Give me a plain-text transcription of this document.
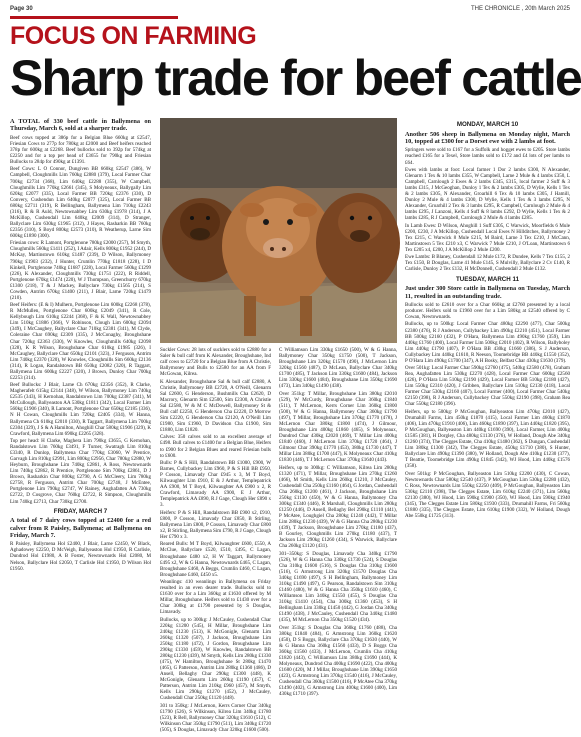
Page 30	THE CHRONICLE , 20th March 2025
FOCUS ON FARMING
Sharp trade for beef cattle

A TOTAL of 330 beef cattle in Ballymena on Thursday, March 6, sold at a sharper trade.

Beef cows topped at 386p for a Belgian Blue 660kg at £2547, Friesian Cows to 277p for 780kg at £2000 and Beef heifers reached 378p for 600kg at £2268. Beef bullocks sold to 392p for 574kg at £2250 and for a top per head of £3655 for 790kg and Friesian Bullocks to 284p for 490kg at £1391.

Beef Cows: L O Connor, Dungiven BB 660kg £2547 (386), W Campbell, Cloughmills Lim 760kg £2880 (379), Local Farmer Char 700kg £2734 (368), Lim 640kg £2288 (355), W Campbell, Cloughmills Lim 770kg £2661 (345), S Molyneaux, Ballygally Lim 620kg £2077 (335), Local Farmer BB 720kg £2376 (330), D Convery, Cushendun Lim 640kg £2077 (325), Local Farmer BB 680kg £2711 (319), R Bellingham, Ballymena Lim 710kg £2243 (316), R & R Auld, Newtownabbey Lim 630kg £1978 (314), J A McKillop, Cushendall Lim 640kg £2009 (314), D Stranger, Ballyclare Lim 630kg £1965 (312), J Hayes, Rasharkin BB 760kg £2356 (310), S Boyd 800kg £2573 (310), R Weatherup, Larne Sim 600kg £1890 (300).

Friesian cows: R Lamont, Portglenone 780kg £2000 (257), M Smyth, Cloughmills 560kg £1411 (252), I Adair, Kells 800kg £1952 (244), D McKay, Martinstown 610kg £1487 (239), D Wilson, Ballymoney 790kg £1903 (232), J Hunter, Crumlin 770kg £1818 (228), I D Kinkell, Portglenone 740kg £1687 (228), Local Farmer 560kg £1299 (226), K Alexander, Cloughmills 730kg £1751 (222), R Riddell, Portglenone 670kg £1474 (220), W J Thompson, Greenchurry 670kg £1300 (218), T & J Mackey, Ballyclare 730kg £1565 (214), S Cowden, Antrim 670kg £1400 (211), J Blair, Larne 720kg £1479 (210).

Beef Heifers: (E & I) Mulhern, Portglenone Lim 600kg £2268 (378), R McMullen, Portglenone Char 600kg £2049 (341), R Cole, Kellybough Lim 610kg £2244 (368), F & K Wall, Newtownabbey Lim 510kg £1886 (366), V Robinson, Clough Lim 600kg £2094 (349), I McCaughey, Ballyclare Char 710kg £2381 (341), M Clyde, Coleraine Char 690kg £2309 (335), J McConaghy, Broughshane Char 720kg £2363 (330), W Knowles, Cloughmills 640kg £2098 (328), K R Wilson, Broughshane Char 610kg £1985 (326), I McCaughey, Ballyclare Char 650kg £2101 (323), J Ferguson, Antrim Lim 740kg £2370 (320), W Knowles, Cloughmills Sim 660kg £2136 (314), R Logan, Randalstown BB 650kg £2082 (320), R Taggart, Ballymena Lim 600kg £2227 (320), J Brown, Dunloy Char 700kg £2253 (314).

Beef Bullocks: J Blair, Larne Ch 670kg £2356 (352), R Clarke, Magherafelt 615kg £2144 (348), W Wilson, Ballymoney Lim 740kg £2535 (343), H Kernohan, Randalstown Lim 700kg £2387 (341), M McCullough, Ballyeaston AA 530kg £1811 (342), Local Farmer Lim 560kg £1906 (340), R Lamont, Portglenone Char 650kg £2185 (336), N H Cowan, Cloughmills Lim 720kg £2405 (334), W Hanna, Ballymena Ch 610kg £2010 (330), R Taggart, Ballymena Lim 700kg £2304 (329), J S & A Hamilton, Ahoghill Char 580kg £1906 (329), K Crawford, Ballymena Lim 690kg £2265 (328).

Top per head: H Clarke, Maghera Lim 790kg £3655, G Kernohan, Randalstown Lim 760kg £3491, F Turner, Swatragh Lim 810kg £3340, R Dunlop, Ballymena Char 770kg £3060, W Prentice, Garvagh Lim 810kg £2991, Lim 800kg £2956, Char 780kg £2880, W Heyburn, Broughshane Lim 740kg £2861, A Ross, Newtownards Lim 740kg £2862, R Prentice, Portglenone Sim 700kg £2861, D J Brown, Rasharkin Char 800kg £2790, A G McCleery, Lim 780kg £2758, R Ferguson, Antrim Char 700kg £2748, J McEntee, Portglenone Lim 790kg £2747, W Rainey, Aughafatten AA 730kg £2722, D Cosgrove, Char 760kg £2722, R Simpson, Cloughmills Lim 740kg £2713, Char 730kg £2700.

FRIDAY, MARCH 7

A total of 7 dairy cows topped at £2400 for a red calver from R Paisley, Ballymena; at Ballymena on Friday, March 7.

R Paisley, Ballymena Hol £2400, J Blair, Larne £2450, W Black, Aghadowey £2250, D McVeigh, Ballyeaston Hol £1950, R Carlisle, Dundrod Hol £1980, A B Foster, Newtownards Hol £2080, M Nelson, Ballyclare Hol £2050, T Carlisle Hol £1950, D Wilson Hol £1950.

Suckler Cows: 28 lots of sucklers sold to £2880 for a Saler & bull calf from K Alexander, Broughshane, Ind calf cows to £2720 for a Belgian Blue from A Christie, Ballymoney and Bulls to £2580 for an AA from F McGowan, Kilrea.

K Alexander, Broughshane Sal & bull calf £2880, A Christie, Ballymoney BB £2720, A O'Neill, Glenarm Sal £2600, G Henderson, Bushmills Cha £2620, D Macrory, Glenarm Sim £2500, Sim £2300, A Christie Sal £2580, W & M C McDowell, Ballymoney St & Bull calf £2250, G Henderson Cha £2220, D Morrow Sim £2220, G Henderson Cha £2120, A O'Neill Lim £1980, Sim £1960, D Davidson Cha £1900, Sim £1880, Lim £1820.

Calves: 350 calves sold to an excellent average of £498. Bull calves to £1400 for a Belgian Blue, Heifers to £900 for 2 Belgian Blues and reared Friesian bulls to £600.

Bulls: P & S Hill, Randalstown BB £1000, £900, W Barnes, Cullybackey Lim £960, P & S Hill BB £950, P Cosson, Limavady Char £945 x 3, M T Boyd, Kilwaughter Lim £910, E & J Arthur, Templepatrick AA £900, M T Boyd, Kilwaughter AA £900 x 2, R Crawford, Limavady AA £900, E J Arthur, Templepatrick AA £890, R J Gage, Clough Her £890 x 3.

Heifers: P & S Hill, Randalstown BB £900 x2, £910, £800, P Cosson, Limavady Char £850, B Stirling, Ballymena Lim £800, P Cosson, Limavady Char £800 x2, B Stirling, Ballymena Sim £790, R J Gage, Clough Her £790 x 3.

Reared Bulls: M T Boyd, Kilwaughter £600, £550, A McClue, Ballyclare £520, £510, £495, C Lagan, Broughshane £480 x2, H W Taggart, Ballymoney £495 x2, W & G Hanna, Newtownards £465, C Lagan, Broughshane £460, A Beggs, Crumlin £460, C Lagan, Broughshane £460, £450 x5.

Weanlings: 410 weanlings in Ballymena on Friday resulted in an even dearer trade. Bullocks sold to £1630 over for a Lim 360kg at £1630 offered by M Millar, Broughshane. Heifers sold to £1430 over for a Char 300kg at £1790 presented by S Douglas, Limavady.

Bullocks, up to 300kg: J McCauley, Cushendall Char 220kg £1200 (545), H Millar, Broughshane Lim 240kg £1230 (513), K McGonigle, Glenarm Lim 260kg £1320 (507), J Jackson, Broughshane Lim 250kg £1180 (472), J Gordon, Broughshane Lim 290kg £1330 (459), W Knowles, Randalstown BB 280kg £1230 (439), M Smyth, Kells Lim 280kg £1330 (475), W Hamilton, Broughshane St 280kg £1470 (465), G Patterson, Antrim Lim 280kg £1360 (486), D Ansell, Bellaghy Char 290kg £1300 (448), K McGonigle, Glenarm Lim 260kg £1190 (457), C Patterson, Antrim Lim 210kg £960 (457), M Smyth, Kells Lim 290kg £1270 (452), J McCauley, Cushendall Char 250kg £1120 (448).

301 to 350kg: J McLernon, Kerrs Corner Char 340kg £1790 (526), S Wilkinson, Kilrea Lim 340kg £1780 (523), R Bell, Ballymoney Char 320kg £1610 (512), C Wilkinson Char 350kg £1790 (511), Lim 340kg £1720 (505), S Douglas, Limavady Char 320kg £1600 (500).

C Williamson Lim 330kg £1650 (500), W & G Hanna, Ballymoney Char 350kg £1750 (500), T Jackson, Broughshane Lim 320kg £1570 (490), J McLernon Lim 320kg £1560 (487), D McLean, Ballyclare Char 340kg £1700 (485), T Jackson Lim 330kg £1600 (484), Jackson Lim 330kg £1600 (484), Broughshane Lim 350kg £1690 (473), Lim 340kg £1490 (438).

Over 351kg: T Millar, Broughshane Lim 380kg £2010 (529), W McCurdy, Broughshane Char 360kg £1840 (511), T McLernon, Kerrs Corner Lim 360kg £1800 (500), W & G Hanna, Ballymoney Char 360kg £1790 (497), T Millar, Broughshane Lim 370kg £1770 (478), J McLernon Char 380kg £1800 (474), J Gilmour, Broughshane Lim 400kg £1860 (465), S Molyneaux, Dundrod Char 430kg £2020 (469), T Millar Lim 400kg £1840 (460), J McLernon Lim 370kg £1720 (464), J Gilmour Char 390kg £1770 (453), 380kg £1730 (447), T Millar Lim 380kg £1700 (447), K Molyneaux Char 410kg £1830 (446), T J McLernon Char 370kg £1640 (443).

Heifers, up to 300kg: C Williamson, Kilrea Lim 280kg £1320 (471), T Millar, Broughshane Lim 270kg £1260 (466), M Smith, Kells Lim 260kg £1210, J McCauley, Cushendall Cha 250kg £1160 (464), G Jordan, Cushendall Cha 260kg £1200 (461), J Jackson, Broughshane Lim 250kg £1130 (450), W & G Hanna, Ballymoney Cha 300kg £1340 (446), R Marshall, Cloughmills Lim 280kg £1250 (446), D Ansell, Bellaghy Bel 290kg £1110 (441), P McAtee, Loughgiel Cha 280kg £1240 (442), T Millar Lim 280kg £1230 (439), W & G Hanna Cha 280kg £1230 (439), T Jackson, Broughshane Lim 270kg £1180 (437), B Gourley, Cloughmills Lim 270kg £1180 (437), T Jackson Lim 290kg £1260 (434), S Warwick, Ballyclare Cha 260kg £1120 (431).

301–350kg: S Douglas, Limavady Cha 340kg £1790 (526), W & G Hanna Cha 330kg £1730 (524), S Douglas Cha 310kg £1600 (516), S Douglas Cha 310kg £1600 (516), G Armstrong Lim 320kg £1570 Douglas Cha 340kg £1690 (497), S H Bellingham, Ballymoney Lim 310kg £1490 (497), G Pearson, Randalstown Sim 310kg £1460 (480), W & G Hanna Cha 350kg £1610 (460), C Williamson Lim 340kg £1550 (455), S Douglas Cha 310kg £1410 (454), Cha 300kg £1360 (453), S H Bellingham Lim 330kg £1450 (442), G Jordan Cha 340kg £1490 (438), J McCauley, Cushendall Cha 340kg £1480 (435), M McLernon Cha 350kg £1520 (434).

Over 351kg: S Douglas Cha 360kg £1760 (488), Cha 380kg £1840 (484), G Armstrong Lim 360kg £1620 (450), D S Boggs, Ballyclare Cha 370kg £1630 (440), W & G Hanna Cha 360kg £1560 (433), D S Boggs Cha 360kg £1560 (433), J McLernon, Crumlin Cha 410kg £1820 (443), C Williamson Lim 380kg £1690 (444), K Molyneaux, Dundrod Cha 400kg £1690 (422), Cha 400kg £1680 (420), M J Millar, Broughshane Lim 390kg £1650 (423), G Armstrong Lim 370kg £1540 (416), J McCauley, Cushendall Cha 360kg £1500 (416), P McAtee Cha 370kg £1490 (402), G Armstrong Lim 400kg £1600 (400), Lim 430kg £1710 (397).

MONDAY, MARCH 10

Another 506 sheep in Ballymena on Monday night, March 10, topped at £300 for a Dorset ewe with 2 lambs at foot.

Springers were sold to £167 for a Suffolk and hogget ewes to £205. Store lambs reached £165 for a Texel, Store lambs sold to £172 and £4 lots of per lambs to £64.

Ewes with lambs at foot: Local farmer 1 Dor 2 lambs £300, N Alexander, Glenarm 1 Tex & 10 lambs £355, W Campbell, Larne 2 Mule & 4 lambs £350, L Campbell, Carnlough 2 Ewes & 2 lambs £345, £315, local farmer 2 Suff & 3 lambs £315, J McGeoghan, Dunloy 1 Tex & 2 lambs £305, D Wylie, Kells 1 Tex & 2 lambs £305, N Alexander, Groarhill 6 Tex & 10 lambs £305, J Hamill, Dunloy 2 Mule & 4 lambs £300, D Wylie, Kells 1 Tex & 3 lambs £295, N Alexander, Groarhill 2 Tex & 3 lambs £295, R Campbell, Carnlough 2 Mule & 4 lambs £295, J Lanzoni, Kells 4 Suff & 8 lambs £292, D Wylie, Kells 1 Tex & 2 lambs £285, R J Campbell, Carnlough 2 Mule & 4 lambs £285.

In Lamb Ewes: D Wilson, Ahoghill 1 Suff £305, C Warwick, Moorfields 6 Mule £200, £230, J A McKillop, Cushendall Local Ewes N Hillditches, Ballymoney 2 Tex £215, C Warwick 8 Mule £215, M Baird, Larne 3 Tex £210, J McCann, Martinstown 5 Tex £210 x3, C Warwick 7 Mule £210, J O'Loan, Martinstown 6 Tex £205 x4, £200, J A McKillop 2 Mule £200.

Ewe Lambs: B Blaney, Cushendall 12 Mule £172, R Dundee, Kells 7 Tex £155, 2 Tex £150, B Douglas, Larne 41 Mule £145, S Mulvilly, Ballyclare 2 Cv £140, R Carlisle, Dunloy 2 Tex £132, H McDonnell, Cushendall 2 Mule £132.

TUESDAY, MARCH 11

Just under 300 Store cattle in Ballymena on Tuesday, March 11, resulted in an outstanding trade.

Bullocks sold to £2610 over for a Char 660kg at £2760 presented by a local producer. Heifers sold to £1960 over for a Lim 580kg at £2540 offered by C Cowan, Newtownards.

Bullocks, up to 500kg: Local Farmer Char 480kg £2290 (477), Char 500kg £2380 (476), R J Anderson, Cullybackey Lim 490kg £2210 (451), Local Farmer BB 500kg £2160 (432), P O'Hara, Ballymena Lim 490kg £1760 (359), Lim 440kg £1760 (400), Local Farmer Lim 500kg £2010 (402), R Wilson, Ballyboley Lim 440kg £1790 (407), P O'Hara BB 430kg £1660 (386), S J Anderson, Cullybackey Lim 440kg £1610, R Neeson, Toomebridge BB 440kg £1550 (352), P O'Hara Lim 490kg £1700 (347), A H Bosky, Belfast Char 430kg £1630 (379).

Over 501kg: Local Farmer Char 590kg £2760 (475), 540kg £2580 (478), Graham Rea, Aughafatten Lim 530kg £2270 (428), Local Farmer Char 600kg £2560 (426), P O'Hara Lim 510kg £2190 (429), Local Farmer BB 510kg £2180 (427), Lim 550kg £2310 (420), J Gribben, Ballyclare Lim 510kg £2130 (418), Local Farmer Char 530kg £2160 (407), Local Farmer (400), Local Farmer Char 540kg £2150 (398), R J Anderson, Cullybackey Char 550kg £2190 (398), Graham Rea Char 550kg £2180 (396).

Heifers, up to 500kg: P McGoughan, Ballyeaston Lim 470kg £2010 (427), Drumahill Farms, Lim 450kg £1870 (415), Local Farmer Lim 460kg £1870 (406), Lim 470kg £1910 (406), Lim 460kg £1890 (397), Lim 440kg £1820 (395), P McGoughan, Ballyeaston Lim 440kg £1690 (390), Local Farmer, Lim 400kg £1585 (381), H Dorgley, Cha 480kg £1130 (376), W Holland, Dough Abe 340kg £1260 (374), The Clegges Estate, Cha 410kg £1480 (362), S Dungan, Cushendall Lim 380kg £1300 (342), The Clegges Estate, 450kg £1710 (380), S Hunter, Ballyclare Lim 490kg £1390 (380), W Holland, Dough Abe 410kg £1230 (377), T Beattie, Toomebridge Lim 490kg £1845 (342), WJ Hood, Lim 440kg £1576 (358).

Over 501kg: P McGoughan, Ballyeaston Lim 510kg £2200 (430), C Cowan, Newtownards Char 580kg £2540 (437), P McGoughan Lim 530kg £2280 (432), C Ross, Newtownards Lim 550kg £2250 (409), P McGoughan, Ballyeaston Lim 530kg £2110 (398), The Clegges Estate, Lim 610kg £2240 (371), Lim 560kg £2130 (380), WJ Hood, Lim 590kg £1900 (350), WJ Hood, Lim 590kg £1940 (345), The Clegges Estate Lim 580kg £1930 (333), Drumahill Farms, Fri 560kg £1880 (335), The Clegges Estate, Lim 610kg £1900 (332), W Holland, Dough Abe 550kg £1725 (313).
